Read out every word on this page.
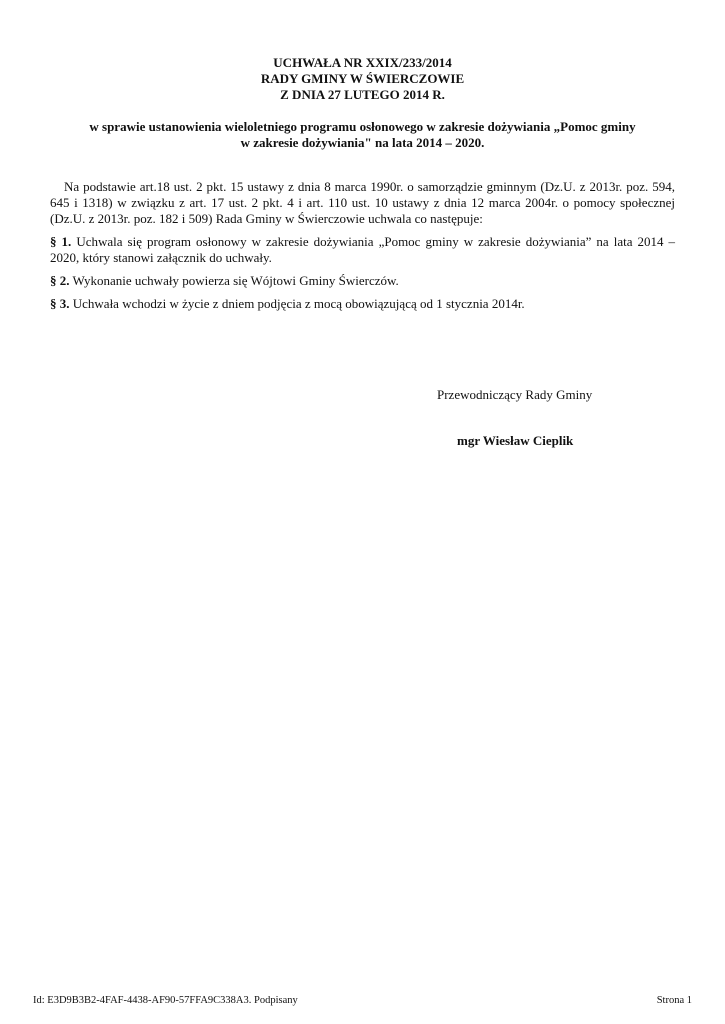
UCHWAŁA NR XXIX/233/2014
RADY GMINY W ŚWIERCZOWIE
Z DNIA 27 LUTEGO 2014 R.
w sprawie ustanowienia wieloletniego programu osłonowego w zakresie dożywiania „Pomoc gminy
w zakresie dożywiania" na lata 2014 – 2020.

Na podstawie art.18 ust. 2 pkt. 15 ustawy z dnia 8 marca 1990r. o samorządzie gminnym (Dz.U. z 2013r. poz. 594, 645 i 1318) w związku z art. 17 ust. 2 pkt. 4 i art. 110 ust. 10 ustawy z dnia 12 marca 2004r. o pomocy społecznej (Dz.U. z 2013r. poz. 182 i 509) Rada Gminy w Świerczowie uchwala co następuje:

§ 1. Uchwala się program osłonowy w zakresie dożywiania „Pomoc gminy w zakresie dożywiania” na lata 2014 – 2020, który stanowi załącznik do uchwały.

§ 2. Wykonanie uchwały powierza się Wójtowi Gminy Świerczów.

§ 3. Uchwała wchodzi w życie z dniem podjęcia z mocą obowiązującą od 1 stycznia 2014r.

Przewodniczący Rady Gminy
mgr Wiesław Cieplik
Id: E3D9B3B2-4FAF-4438-AF90-57FFA9C338A3. Podpisany	Strona 1
